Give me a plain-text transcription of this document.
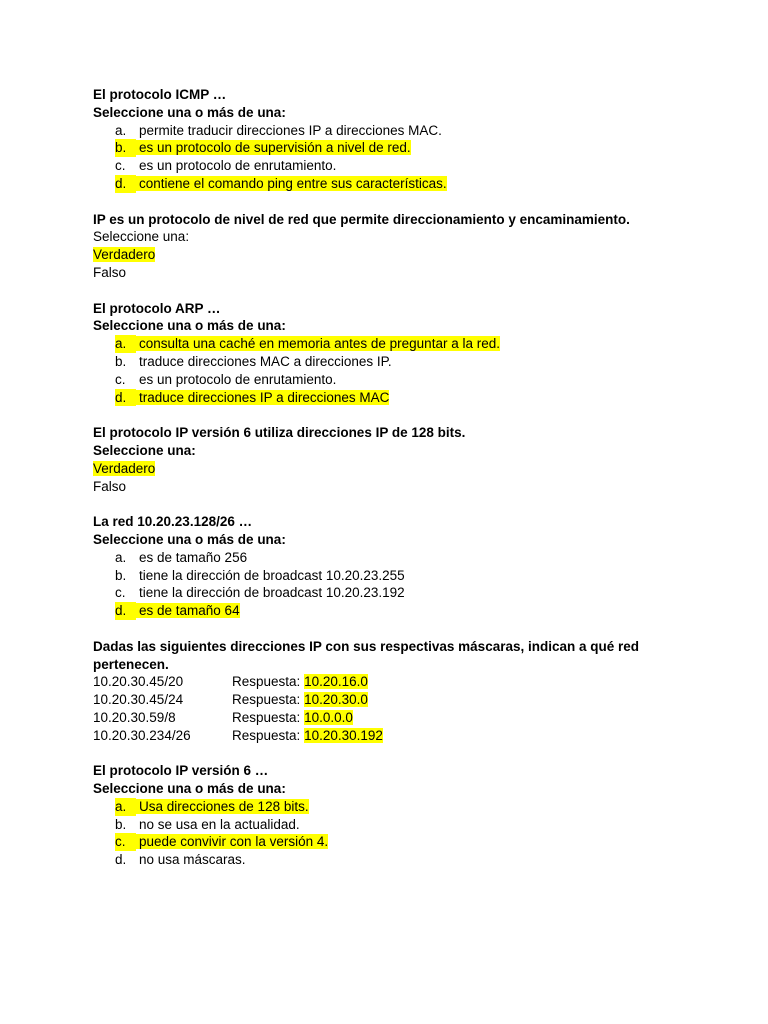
El protocolo ICMP …
Seleccione una o más de una:
a. permite traducir direcciones IP a direcciones MAC.
b. es un protocolo de supervisión a nivel de red.
c. es un protocolo de enrutamiento.
d. contiene el comando ping entre sus características.
IP es un protocolo de nivel de red que permite direccionamiento y encaminamiento.
Seleccione una:
Verdadero
Falso
El protocolo ARP …
Seleccione una o más de una:
a. consulta una caché en memoria antes de preguntar a la red.
b. traduce direcciones MAC a direcciones IP.
c. es un protocolo de enrutamiento.
d. traduce direcciones IP a direcciones MAC
El protocolo IP versión 6 utiliza direcciones IP de 128 bits.
Seleccione una:
Verdadero
Falso
La red 10.20.23.128/26 …
Seleccione una o más de una:
a. es de tamaño 256
b. tiene la dirección de broadcast 10.20.23.255
c. tiene la dirección de broadcast 10.20.23.192
d. es de tamaño 64
Dadas las siguientes direcciones IP con sus respectivas máscaras, indican a qué red pertenecen.
10.20.30.45/20	Respuesta: 10.20.16.0
10.20.30.45/24	Respuesta: 10.20.30.0
10.20.30.59/8	Respuesta: 10.0.0.0
10.20.30.234/26	Respuesta: 10.20.30.192
El protocolo IP versión 6 …
Seleccione una o más de una:
a. Usa direcciones de 128 bits.
b. no se usa en la actualidad.
c. puede convivir con la versión 4.
d. no usa máscaras.
